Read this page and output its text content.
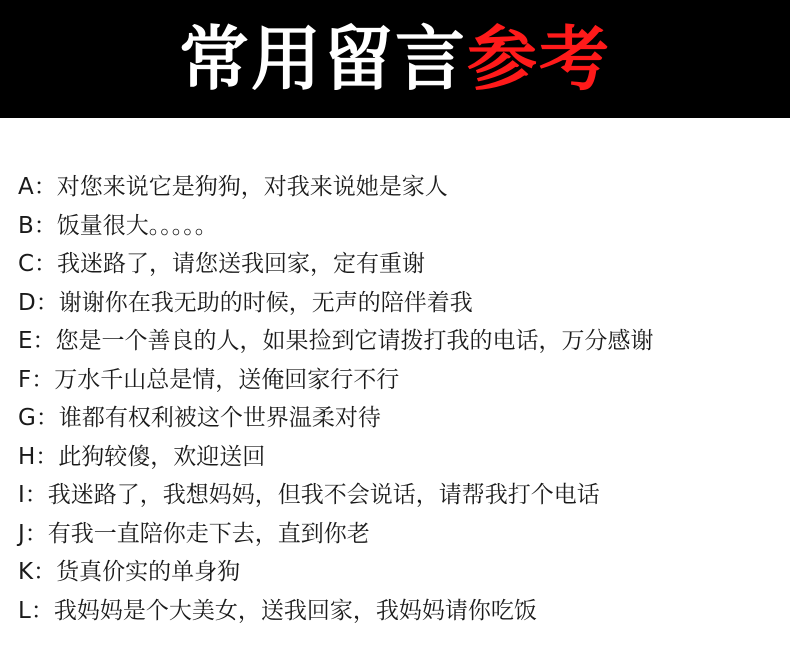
常用留言参考
A：对您来说它是狗狗，对我来说她是家人
B：饭量很大。。。。。
C：我迷路了，请您送我回家，定有重谢
D：谢谢你在我无助的时候，无声的陪伴着我
E：您是一个善良的人，如果捡到它请拨打我的电话，万分感谢
F：万水千山总是情，送俺回家行不行
G：谁都有权利被这个世界温柔对待
H：此狗较傻，欢迎送回
I：我迷路了，我想妈妈，但我不会说话，请帮我打个电话
J：有我一直陪你走下去，直到你老
K：货真价实的单身狗
L：我妈妈是个大美女，送我回家，我妈妈请你吃饭
